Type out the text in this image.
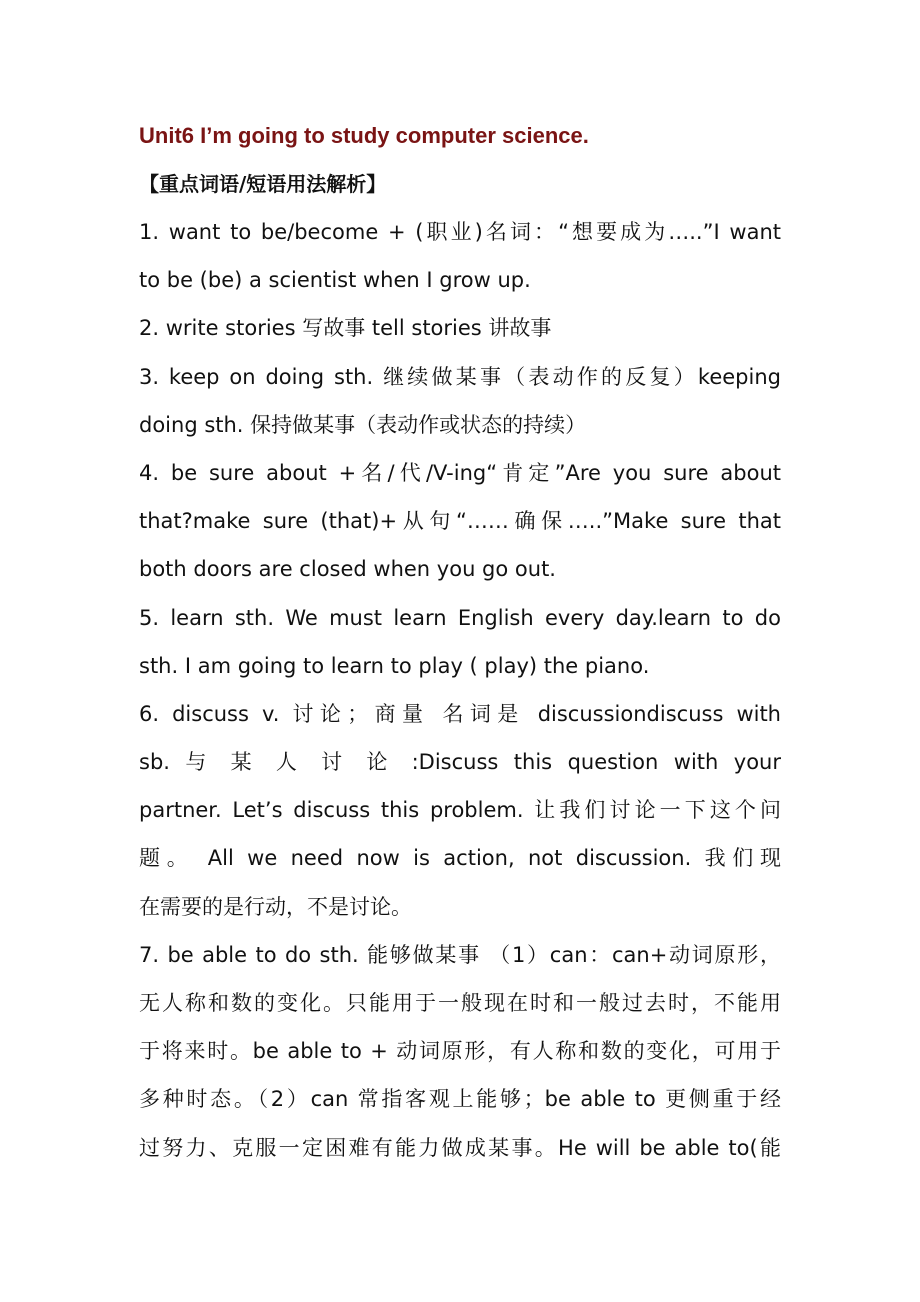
Unit6 I’m going to study computer science.
【重点词语/短语用法解析】
1. want to be/become + (职业)名词：“想要成为…..”I want
to be (be) a scientist when I grow up.
2. write stories 写故事 tell stories 讲故事
3. keep on doing sth. 继续做某事（表动作的反复）keeping
doing sth. 保持做某事（表动作或状态的持续）
4. be sure about +名/代/V-ing“肯定”Are you sure about
that?make sure (that)+从句“……确保…..”Make sure that
both doors are closed when you go out.
5. learn sth. We must learn English every day.learn to do
sth. I am going to learn to play ( play) the piano.
6. discuss v. 讨论；商量 名词是 discussiondiscuss with
sb. 与 某 人 讨 论 :Discuss this question with your
partner. Let’s discuss this problem. 让我们讨论一下这个问
题。 All we need now is action, not discussion. 我们现
在需要的是行动，不是讨论。
7. be able to do sth. 能够做某事 （1）can：can+动词原形，
无人称和数的变化。只能用于一般现在时和一般过去时，不能用
于将来时。be able to + 动词原形，有人称和数的变化，可用于
多种时态。（2）can 常指客观上能够；be able to 更侧重于经
过努力、克服一定困难有能力做成某事。He will be able to(能
